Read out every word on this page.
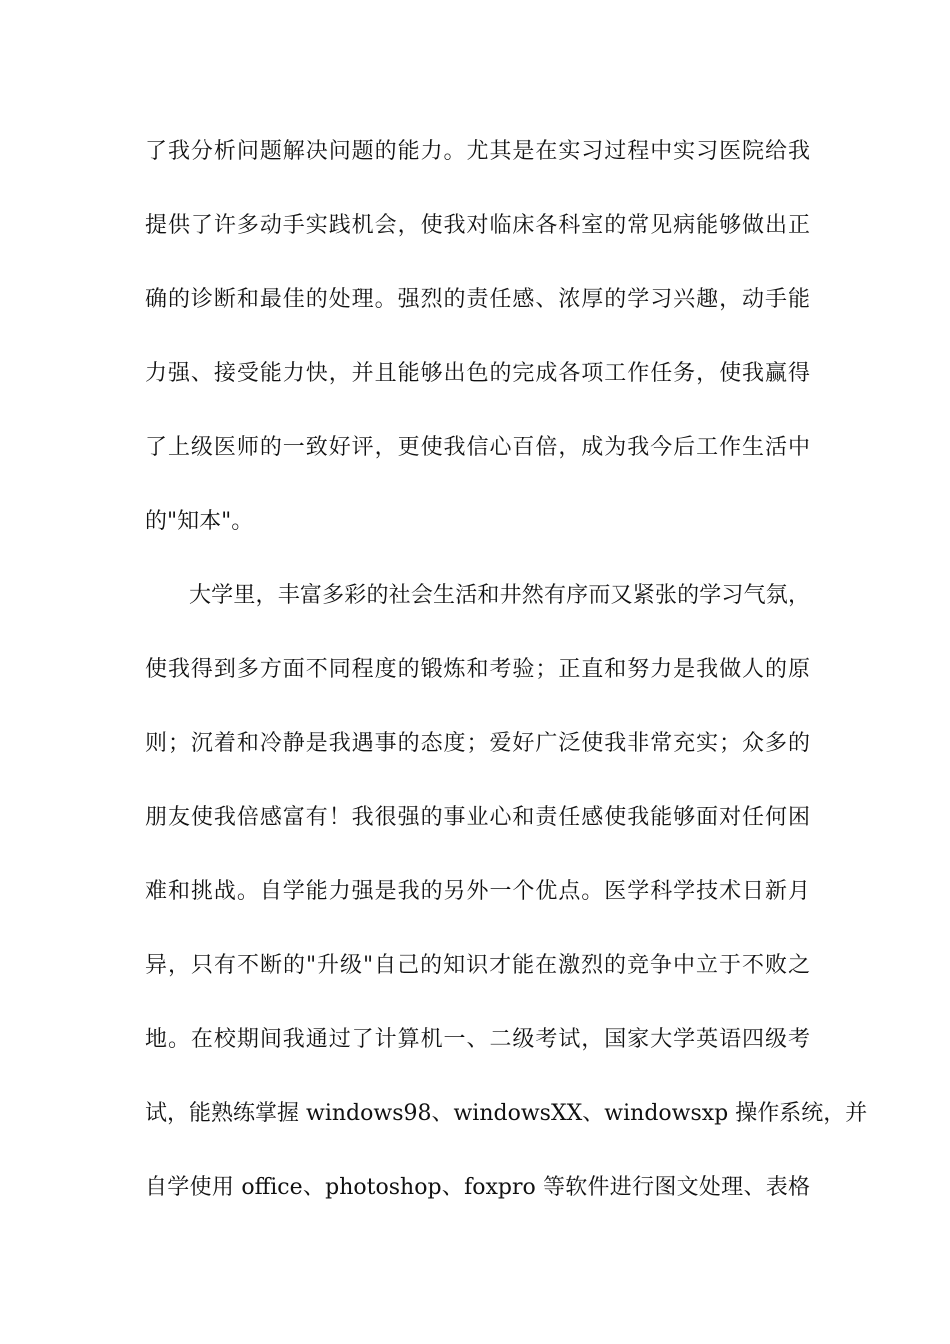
了我分析问题解决问题的能力。尤其是在实习过程中实习医院给我
提供了许多动手实践机会，使我对临床各科室的常见病能够做出正
确的诊断和最佳的处理。强烈的责任感、浓厚的学习兴趣，动手能
力强、接受能力快，并且能够出色的完成各项工作任务，使我赢得
了上级医师的一致好评，更使我信心百倍，成为我今后工作生活中
的"知本"。
大学里，丰富多彩的社会生活和井然有序而又紧张的学习气氛，
使我得到多方面不同程度的锻炼和考验；正直和努力是我做人的原
则；沉着和冷静是我遇事的态度；爱好广泛使我非常充实；众多的
朋友使我倍感富有！我很强的事业心和责任感使我能够面对任何困
难和挑战。自学能力强是我的另外一个优点。医学科学技术日新月
异，只有不断的"升级"自己的知识才能在激烈的竞争中立于不败之
地。在校期间我通过了计算机一、二级考试，国家大学英语四级考
试，能熟练掌握 windows98、windowsXX、windowsxp 操作系统，并
自学使用 office、photoshop、foxpro 等软件进行图文处理、表格
